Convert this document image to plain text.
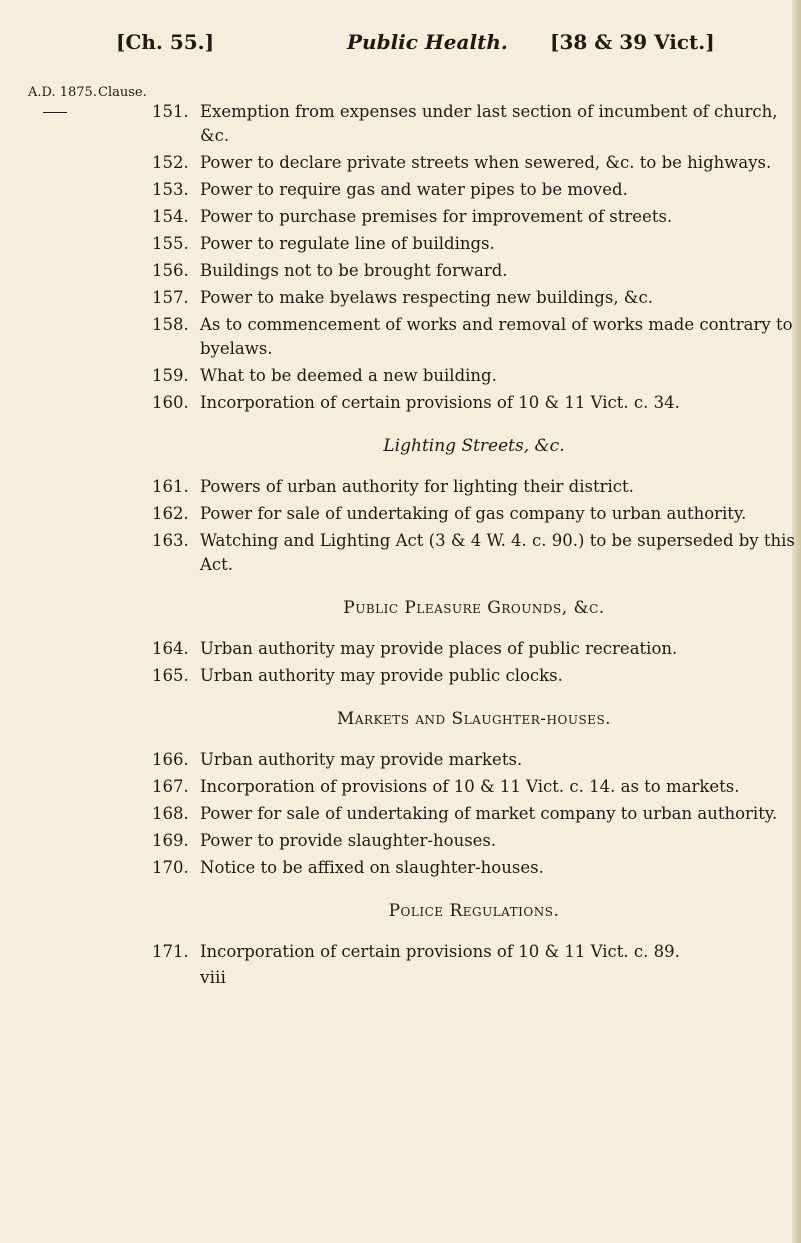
[Ch. 55.]	Public Health. [38 & 39 Vict.]
A.D. 1875. Clause.
151. Exemption from expenses under last section of incumbent of church, &c.
152. Power to declare private streets when sewered, &c. to be highways.
153. Power to require gas and water pipes to be moved.
154. Power to purchase premises for improvement of streets.
155. Power to regulate line of buildings.
156. Buildings not to be brought forward.
157. Power to make byelaws respecting new buildings, &c.
158. As to commencement of works and removal of works made contrary to byelaws.
159. What to be deemed a new building.
160. Incorporation of certain provisions of 10 & 11 Vict. c. 34.
Lighting Streets, &c.
161. Powers of urban authority for lighting their district.
162. Power for sale of undertaking of gas company to urban authority.
163. Watching and Lighting Act (3 & 4 W. 4. c. 90.) to be superseded by this Act.
Public Pleasure Grounds, &c.
164. Urban authority may provide places of public recreation.
165. Urban authority may provide public clocks.
Markets and Slaughter-houses.
166. Urban authority may provide markets.
167. Incorporation of provisions of 10 & 11 Vict. c. 14. as to markets.
168. Power for sale of undertaking of market company to urban authority.
169. Power to provide slaughter-houses.
170. Notice to be affixed on slaughter-houses.
Police Regulations.
171. Incorporation of certain provisions of 10 & 11 Vict. c. 89.
viii
